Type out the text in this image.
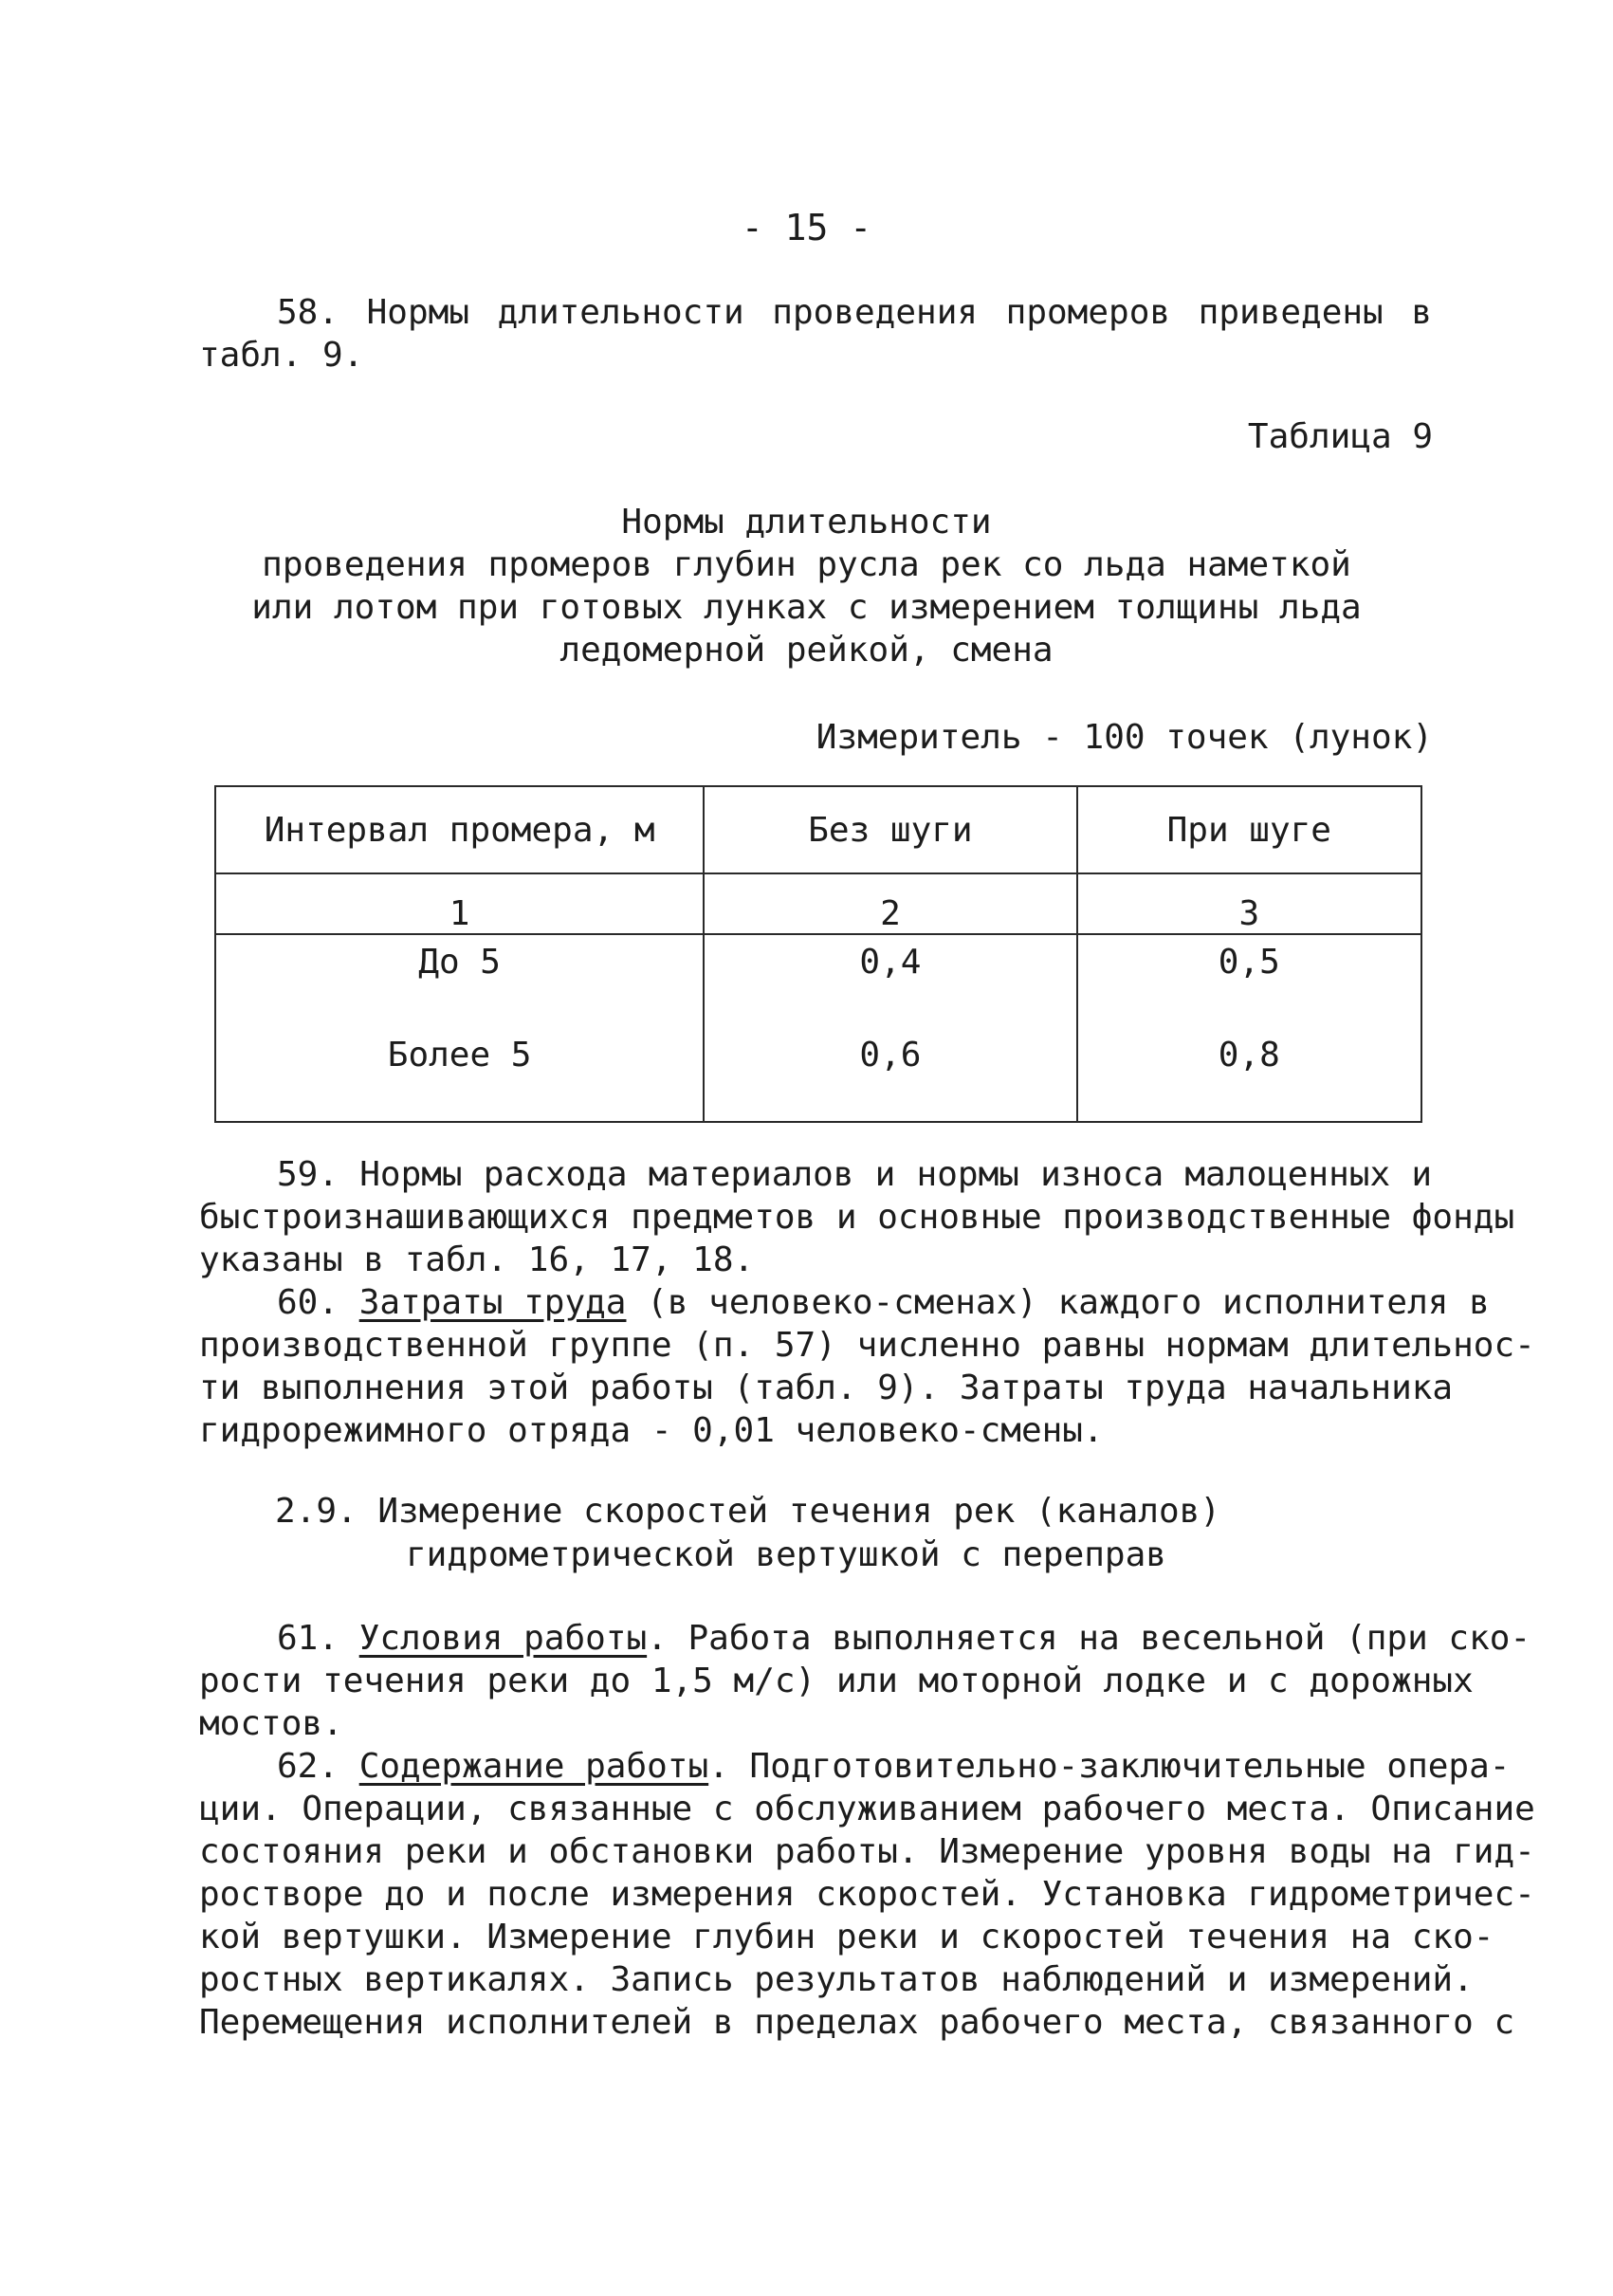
- 15 -
58. Нормы длительности проведения промеров приведены в
табл. 9.
Таблица 9
Нормы длительности
проведения промеров глубин русла рек со льда наметкой
или лотом при готовых лунках с измерением толщины льда
ледомерной рейкой, смена
Измеритель - 100 точек (лунок)
Интервал промера, м	Без шуги	При шуге
1	2	3
До 5	0,4	0,5
Более 5	0,6	0,8
59. Нормы расхода материалов и нормы износа малоценных и
быстроизнашивающихся предметов и основные производственные фонды
указаны в табл. 16, 17, 18.
60. Затраты труда (в человеко-сменах) каждого исполнителя в
производственной группе (п. 57) численно равны нормам длительнос-
ти выполнения этой работы (табл. 9). Затраты труда начальника
гидрорежимного отряда - 0,01 человеко-смены.
2.9. Измерение скоростей течения рек (каналов)
гидрометрической вертушкой с переправ
61. Условия работы. Работа выполняется на весельной (при ско-
рости течения реки до 1,5 м/с) или моторной лодке и с дорожных
мостов.
62. Содержание работы. Подготовительно-заключительные опера-
ции. Операции, связанные с обслуживанием рабочего места. Описание
состояния реки и обстановки работы. Измерение уровня воды на гид-
ростворе до и после измерения скоростей. Установка гидрометричес-
кой вертушки. Измерение глубин реки и скоростей течения на ско-
ростных вертикалях. Запись результатов наблюдений и измерений.
Перемещения исполнителей в пределах рабочего места, связанного с
